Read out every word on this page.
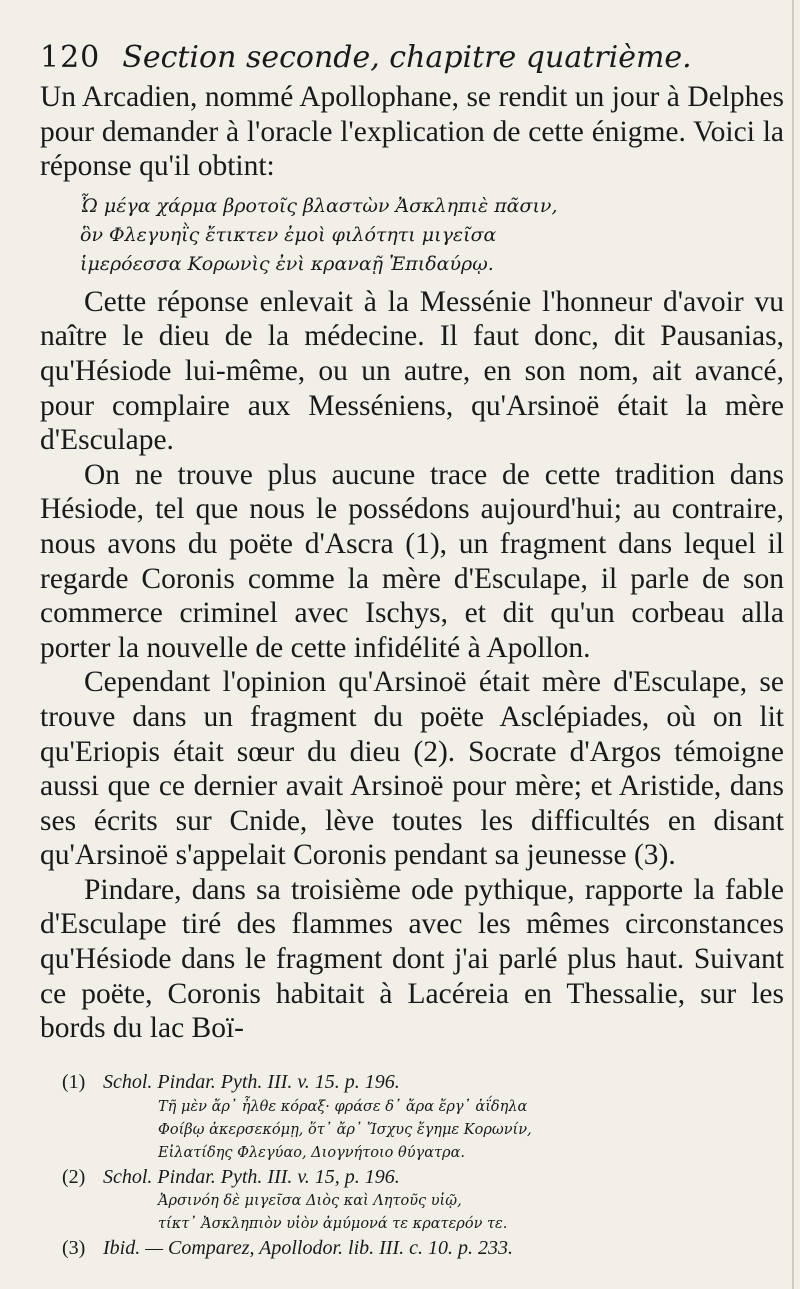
120 Section seconde, chapitre quatrième.

Un Arcadien, nommé Apollophane, se rendit un jour à Delphes pour demander à l'oracle l'explication de cette énigme. Voici la réponse qu'il obtint:

Ὦ μέγα χάρμα βροτοῖς βλαστὼν Ἀσκληπιὲ πᾶσιν,
ὃν Φλεγυηῒς ἔτικτεν ἐμοὶ φιλότητι μιγεῖσα
ἱμερόεσσα Κορωνὶς ἐνὶ κραναῇ Ἐπιδαύρῳ.

Cette réponse enlevait à la Messénie l'honneur d'avoir vu naître le dieu de la médecine. Il faut donc, dit Pausanias, qu'Hésiode lui-même, ou un autre, en son nom, ait avancé, pour complaire aux Messéniens, qu'Arsinoë était la mère d'Esculape.

On ne trouve plus aucune trace de cette tradition dans Hésiode, tel que nous le possédons aujourd'hui; au contraire, nous avons du poëte d'Ascra (1), un fragment dans lequel il regarde Coronis comme la mère d'Esculape, il parle de son commerce criminel avec Ischys, et dit qu'un corbeau alla porter la nouvelle de cette infidélité à Apollon.

Cependant l'opinion qu'Arsinoë était mère d'Esculape, se trouve dans un fragment du poëte Asclépiades, où on lit qu'Eriopis était sœur du dieu (2). Socrate d'Argos témoigne aussi que ce dernier avait Arsinoë pour mère; et Aristide, dans ses écrits sur Cnide, lève toutes les difficultés en disant qu'Arsinoë s'appelait Coronis pendant sa jeunesse (3).

Pindare, dans sa troisième ode pythique, rapporte la fable d'Esculape tiré des flammes avec les mêmes circonstances qu'Hésiode dans le fragment dont j'ai parlé plus haut. Suivant ce poëte, Coronis habitait à Lacéreia en Thessalie, sur les bords du lac Boï-

(1) Schol. Pindar. Pyth. III. v. 15. p. 196.
Τῆ μὲν ἄρ᾽ ἦλθε κόραξ· φράσε δ᾽ ἄρα ἔργ᾽ ἀΐδηλα
Φοίβῳ ἀκερσεκόμῃ, ὅτ᾽ ἄρ᾽ Ἴσχυς ἔγημε Κορωνίν,
Εἰλατίδης Φλεγύαο, Διογνήτοιο θύγατρα.
(2) Schol. Pindar. Pyth. III. v. 15, p. 196.
Ἀρσινόη δὲ μιγεῖσα Διὸς καὶ Λητοῦς υἱῷ,
τίκτ᾽ Ἀσκληπιὸν υἱὸν ἀμύμονά τε κρατερόν τε.
(3) Ibid. — Comparez, Apollodor. lib. III. c. 10. p. 233.
